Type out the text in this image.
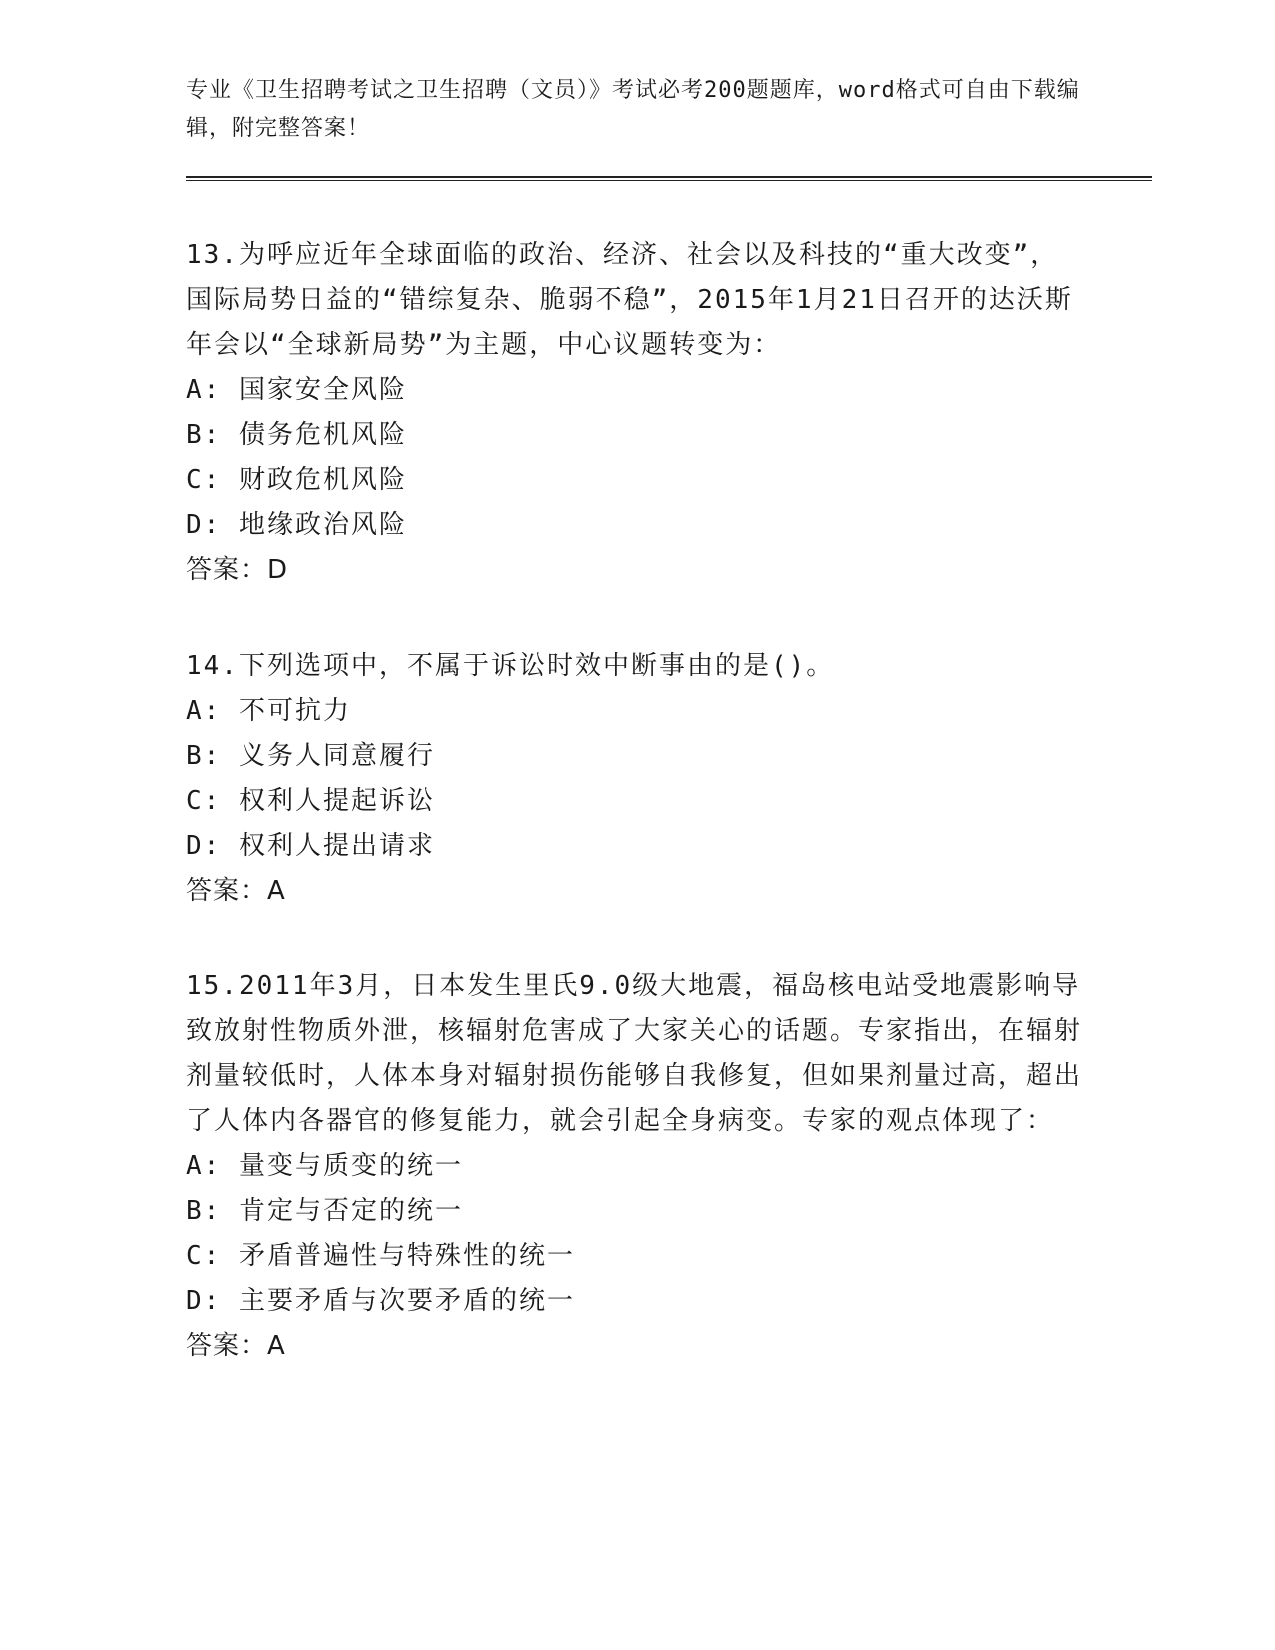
专业《卫生招聘考试之卫生招聘（文员）》考试必考200题题库，word格式可自由下载编辑，附完整答案！
13.为呼应近年全球面临的政治、经济、社会以及科技的“重大改变”，国际局势日益的“错综复杂、脆弱不稳”，2015年1月21日召开的达沃斯年会以“全球新局势”为主题，中心议题转变为：
A: 国家安全风险
B: 债务危机风险
C: 财政危机风险
D: 地缘政治风险
答案：D
14.下列选项中，不属于诉讼时效中断事由的是()。
A: 不可抗力
B: 义务人同意履行
C: 权利人提起诉讼
D: 权利人提出请求
答案：A
15.2011年3月，日本发生里氏9.0级大地震，福岛核电站受地震影响导致放射性物质外泄，核辐射危害成了大家关心的话题。专家指出，在辐射剂量较低时，人体本身对辐射损伤能够自我修复，但如果剂量过高，超出了人体内各器官的修复能力，就会引起全身病变。专家的观点体现了：
A: 量变与质变的统一
B: 肯定与否定的统一
C: 矛盾普遍性与特殊性的统一
D: 主要矛盾与次要矛盾的统一
答案：A
